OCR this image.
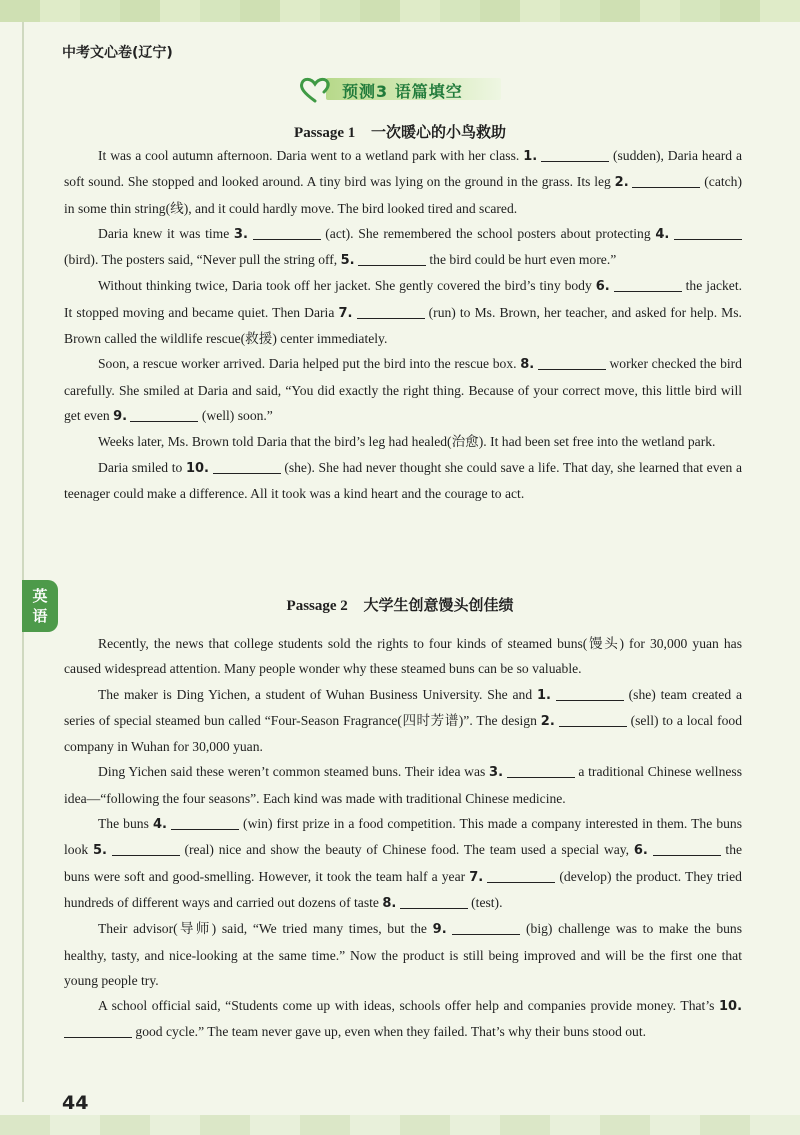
中考文心卷(辽宁)
预测3 语篇填空
Passage 1 一次暖心的小鸟救助

It was a cool autumn afternoon. Daria went to a wetland park with her class. 1.	(sudden), Daria heard a soft sound. She stopped and looked around. A tiny bird was lying on the ground in the grass. Its leg 2.	(catch) in some thin string(线), and it could hardly move. The bird looked tired and scared.

Daria knew it was time 3.	(act). She remembered the school posters about protecting 4.  (bird). The posters said, “Never pull the string off, 5.	the bird could be hurt even more.”

Without thinking twice, Daria took off her jacket. She gently covered the bird’s tiny body 6.	the jacket. It stopped moving and became quiet. Then Daria 7.	(run) to Ms. Brown, her teacher, and asked for help. Ms. Brown called the wildlife rescue(救援) center immediately.

Soon, a rescue worker arrived. Daria helped put the bird into the rescue box. 8.	worker checked the bird carefully. She smiled at Daria and said, “You did exactly the right thing. Because of your correct move, this little bird will get even 9.	(well) soon.”

Weeks later, Ms. Brown told Daria that the bird’s leg had healed(治愈). It had been set free into the wetland park.

Daria smiled to 10.	(she). She had never thought she could save a life. That day, she learned that even a teenager could make a difference. All it took was a kind heart and the courage to act.

英
语
Passage 2 大学生创意馒头创佳绩

Recently, the news that college students sold the rights to four kinds of steamed buns(馒头) for 30,000 yuan has caused widespread attention. Many people wonder why these steamed buns can be so valuable.

The maker is Ding Yichen, a student of Wuhan Business University. She and 1.	(she) team created a series of special steamed bun called “Four-Season Fragrance(四时芳谱)”. The design 2.	(sell) to a local food company in Wuhan for 30,000 yuan.

Ding Yichen said these weren’t common steamed buns. Their idea was 3.	a traditional Chinese wellness idea—“following the four seasons”. Each kind was made with traditional Chinese medicine.

The buns 4.	(win) first prize in a food competition. This made a company interested in them. The buns look 5.	(real) nice and show the beauty of Chinese food. The team used a special way, 6.	the buns were soft and good-smelling. However, it took the team half a year 7.	(develop) the product. They tried hundreds of different ways and carried out dozens of taste 8.	(test).

Their advisor(导师) said, “We tried many times, but the 9.	(big) challenge was to make the buns healthy, tasty, and nice-looking at the same time.” Now the product is still being improved and will be the first one that young people try.

A school official said, “Students come up with ideas, schools offer help and companies provide money. That’s 10.  good cycle.” The team never gave up, even when they failed. That’s why their buns stood out.

44
